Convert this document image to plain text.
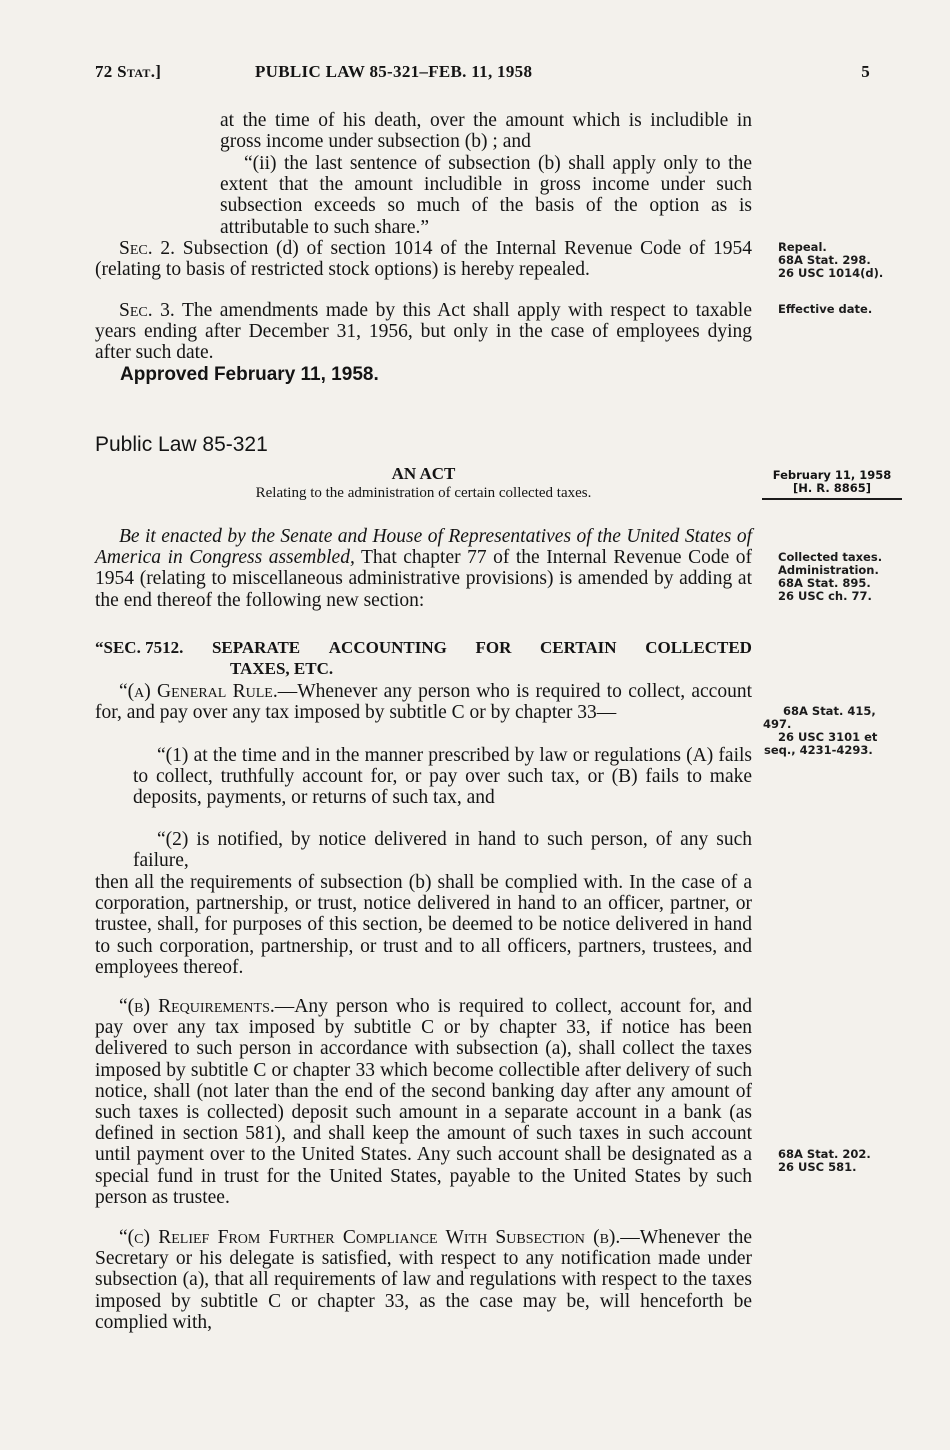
72 Stat.]	PUBLIC LAW 85-321–FEB. 11, 1958	5

at the time of his death, over the amount which is includible in gross income under subsection (b) ; and

“(ii) the last sentence of subsection (b) shall apply only to the extent that the amount includible in gross income under such subsection exceeds so much of the basis of the option as is attributable to such share.”

Sec. 2. Subsection (d) of section 1014 of the Internal Revenue Code of 1954 (relating to basis of restricted stock options) is hereby repealed.

Repeal.
68A Stat. 298.
26 USC 1014(d).

Sec. 3. The amendments made by this Act shall apply with respect to taxable years ending after December 31, 1956, but only in the case of employees dying after such date.

Effective date.
Approved February 11, 1958.
Public Law 85-321
AN ACT
Relating to the administration of certain collected taxes.
February 11, 1958
[H. R. 8865]

Be it enacted by the Senate and House of Representatives of the United States of America in Congress assembled, That chapter 77 of the Internal Revenue Code of 1954 (relating to miscellaneous administrative provisions) is amended by adding at the end thereof the following new section:

Collected taxes.
Administration.
68A Stat. 895.
26 USC ch. 77.
“SEC. 7512. SEPARATE ACCOUNTING FOR CERTAIN COLLECTED
TAXES, ETC.

“(a) General Rule.—Whenever any person who is required to collect, account for, and pay over any tax imposed by subtitle C or by chapter 33—	68A Stat. 415,
497.
26 USC 3101 et
seq., 4231-4293.

“(1) at the time and in the manner prescribed by law or regulations (A) fails to collect, truthfully account for, or pay over such tax, or (B) fails to make deposits, payments, or returns of such tax, and

“(2) is notified, by notice delivered in hand to such person, of any such failure,

then all the requirements of subsection (b) shall be complied with. In the case of a corporation, partnership, or trust, notice delivered in hand to an officer, partner, or trustee, shall, for purposes of this section, be deemed to be notice delivered in hand to such corporation, partnership, or trust and to all officers, partners, trustees, and employees thereof.

“(b) Requirements.—Any person who is required to collect, account for, and pay over any tax imposed by subtitle C or by chapter 33, if notice has been delivered to such person in accordance with subsection (a), shall collect the taxes imposed by subtitle C or chapter 33 which become collectible after delivery of such notice, shall (not later than the end of the second banking day after any amount of such taxes is collected) deposit such amount in a separate account in a bank (as defined in section 581), and shall keep the amount of such taxes in such account until payment over to the United States. Any such account shall be designated as a special fund in trust for the United States, payable to the United States by such person as trustee.

68A Stat. 202.
26 USC 581.

“(c) Relief From Further Compliance With Subsection (b).—Whenever the Secretary or his delegate is satisfied, with respect to any notification made under subsection (a), that all requirements of law and regulations with respect to the taxes imposed by subtitle C or chapter 33, as the case may be, will henceforth be complied with,
